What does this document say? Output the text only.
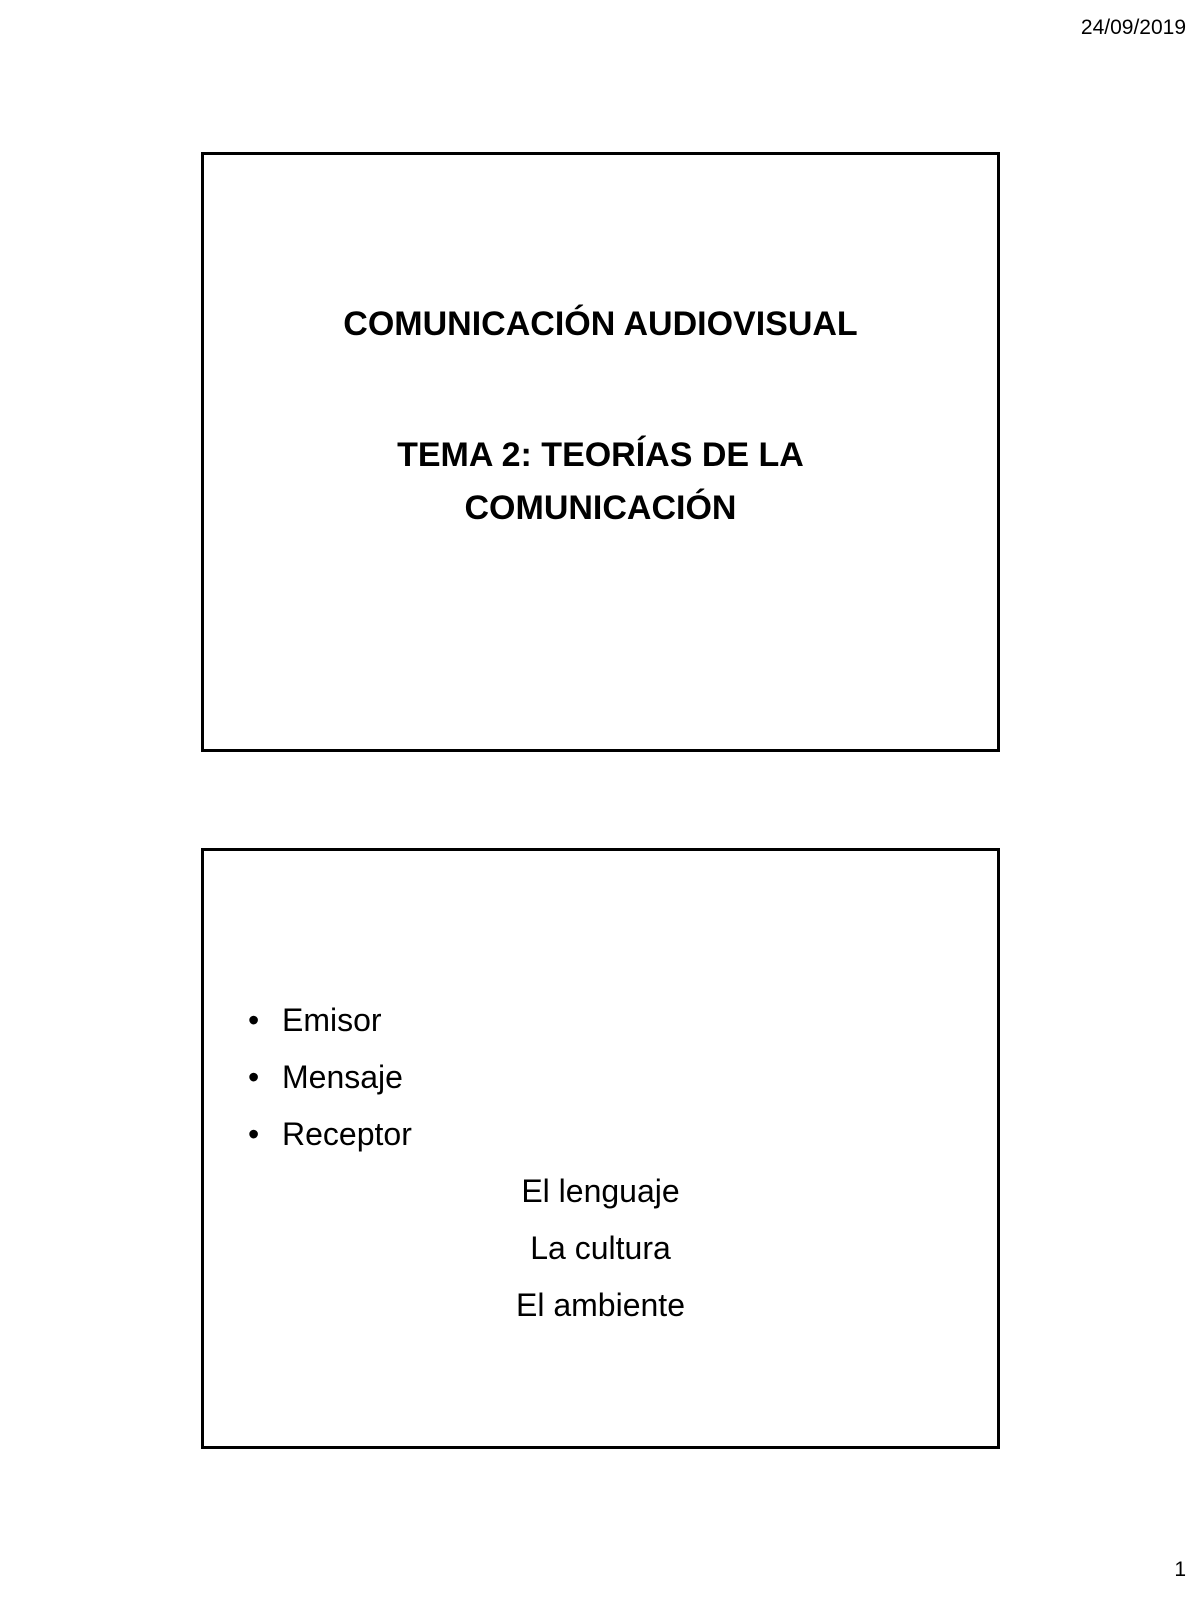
24/09/2019
COMUNICACIÓN AUDIOVISUAL
TEMA 2: TEORÍAS DE LA COMUNICACIÓN
• Emisor
• Mensaje
• Receptor
El lenguaje
La cultura
El ambiente
1
